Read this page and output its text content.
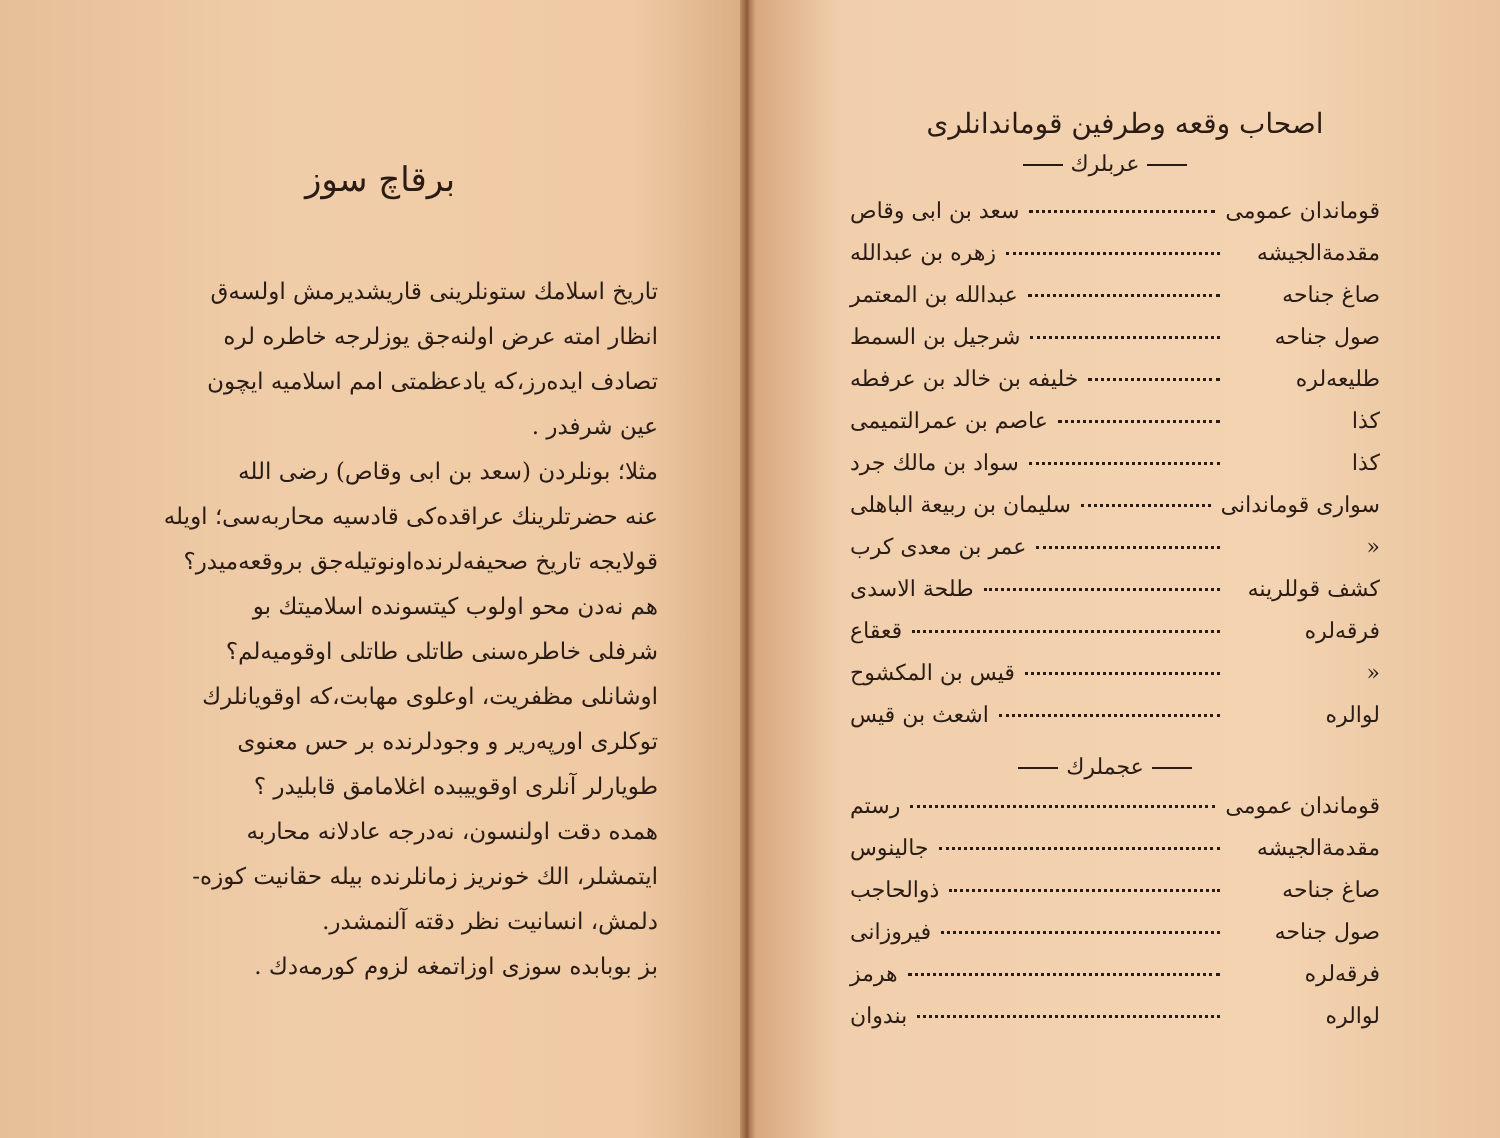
برقاچ سوز

تاریخ اسلامك ستونلرینی قاریشدیرمش اولسەق

انظار امتە عرض اولنەجق یوزلرجە خاطرە لرە

تصادف ایدەرز،كە یادعظمتی امم اسلامیە ایچون

عین شرفدر .

مثلا؛ بونلردن (سعد بن ابی وقاص) رضی الله

عنە حضرتلرینك عراقدەكی قادسیە محاربەسی؛ اویلە

قولایجە تاریخ صحیفەلرندەاونوتیلەجق بروقعەمیدر؟

هم نەدن محو اولوب كیتسوندە اسلامیتك بو

شرفلی خاطرەسنی طاتلی طاتلی اوقومیەلم؟

اوشانلی مظفریت، اوعلوی مهابت،كە اوقویانلرك

توكلری اورپەریر و وجودلرندە بر حس معنوی

طویارلر آنلری اوقوییبدە اغلامامق قابلیدر ؟

همدە دقت اولنسون، نەدرجە عادلانە محاربە

ایتمشلر، الك خونریز زمانلرندە بیلە حقانیت كوزە-

دلمش، انسانیت نظر دقتە آلنمشدر.

بز بوبابدە سوزی اوزاتمغە لزوم كورمەدك .

اصحاب وقعە وطرفین قوماندانلری
عربلرك
سعد بن ابی وقاص	قوماندان عمومی
زهرە بن عبدالله	مقدمةالجیشە
عبدالله بن المعتمر	صاغ جناحە
شرجیل بن السمط	صول جناحە
خلیفە بن خالد بن عرفطە	طلیعەلرە
عاصم بن عمرالتمیمی	كذا
سواد بن مالك جرد	كذا
سلیمان بن ربیعة الباهلی	سواری قوماندانی
عمر بن معدی كرب	«
طلحة الاسدی	كشف قوللرینە
قعقاع	فرقەلرە
قیس بن المكشوح	«
اشعث بن قیس	لوالرە
عجملرك
رستم	قوماندان عمومی
جالینوس	مقدمةالجیشە
ذوالحاجب	صاغ جناحە
فیروزانی	صول جناحە
هرمز	فرقەلرە
بندوان	لوالرە
